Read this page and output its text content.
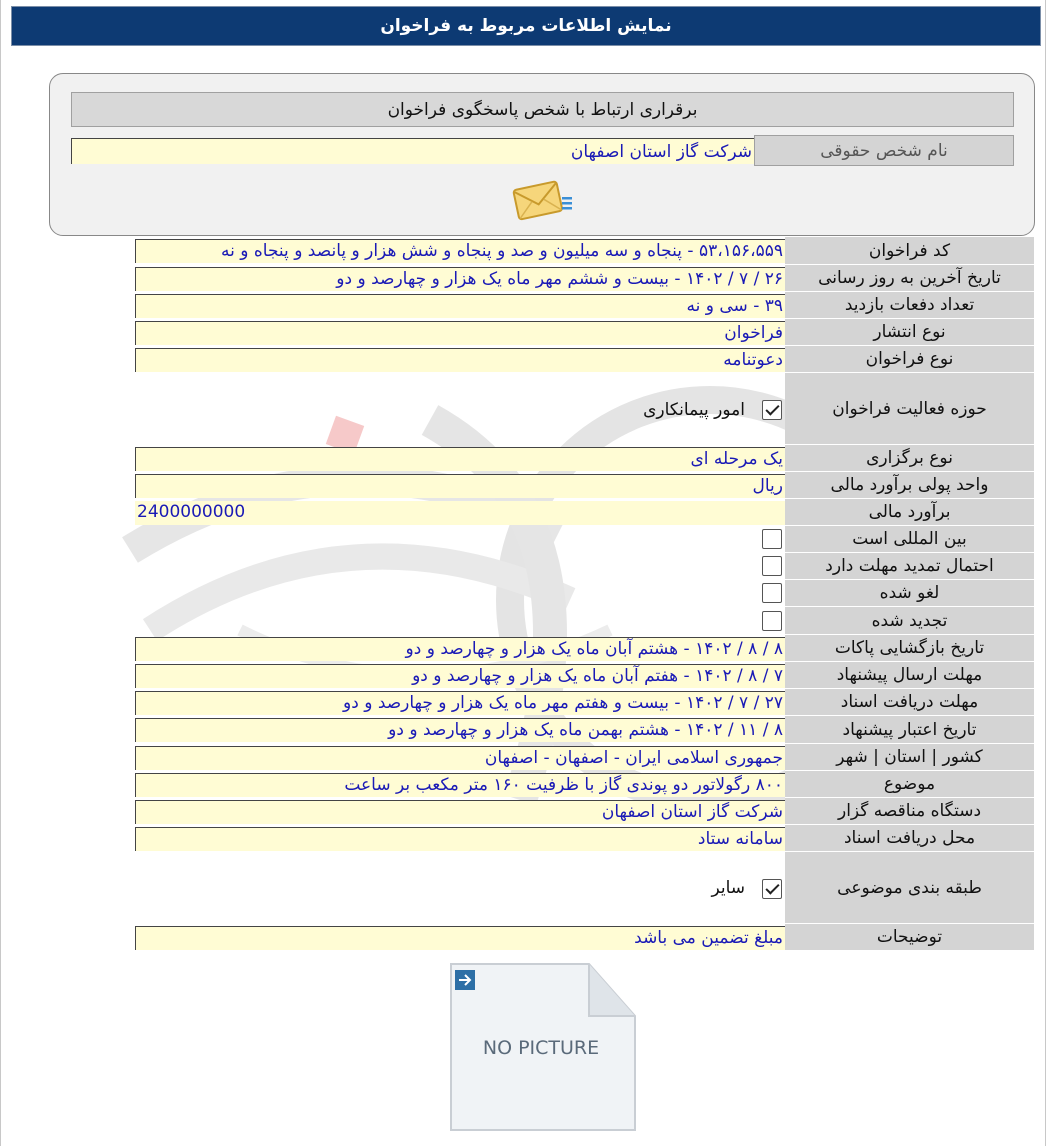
نمایش اطلاعات مربوط به فراخوان
برقراری ارتباط با شخص پاسخگوی فراخوان
نام شخص حقوقی
شرکت گاز استان اصفهان
کد فراخوان
۵۳،۱۵۶،۵۵۹ - پنجاه و سه میلیون و صد و پنجاه و شش هزار و پانصد و پنجاه و نه
تاریخ آخرین به روز رسانی
۲۶ / ۷ / ۱۴۰۲ - بیست و ششم مهر ماه یک هزار و چهارصد و دو
تعداد دفعات بازدید
۳۹ - سی و نه
نوع انتشار
فراخوان
نوع فراخوان
دعوتنامه
حوزه فعالیت فراخوان
امور پیمانکاری
نوع برگزاری
یک مرحله ای
واحد پولی برآورد مالی
ریال
برآورد مالی
2400000000
بین المللی است
احتمال تمدید مهلت دارد
لغو شده
تجدید شده
تاریخ بازگشایی پاکات
۸ / ۸ / ۱۴۰۲ - هشتم آبان ماه یک هزار و چهارصد و دو
مهلت ارسال پیشنهاد
۷ / ۸ / ۱۴۰۲ - هفتم آبان ماه یک هزار و چهارصد و دو
مهلت دریافت اسناد
۲۷ / ۷ / ۱۴۰۲ - بیست و هفتم مهر ماه یک هزار و چهارصد و دو
تاریخ اعتبار پیشنهاد
۸ / ۱۱ / ۱۴۰۲ - هشتم بهمن ماه یک هزار و چهارصد و دو
کشور | استان | شهر
جمهوری اسلامی ایران - اصفهان - اصفهان
موضوع
۸۰۰ رگولاتور دو پوندی گاز با ظرفیت ۱۶۰ متر مکعب بر ساعت
دستگاه مناقصه گزار
شرکت گاز استان اصفهان
محل دریافت اسناد
سامانه ستاد
طبقه بندی موضوعی
سایر
توضیحات
مبلغ تضمین می باشد
NO PICTURE
